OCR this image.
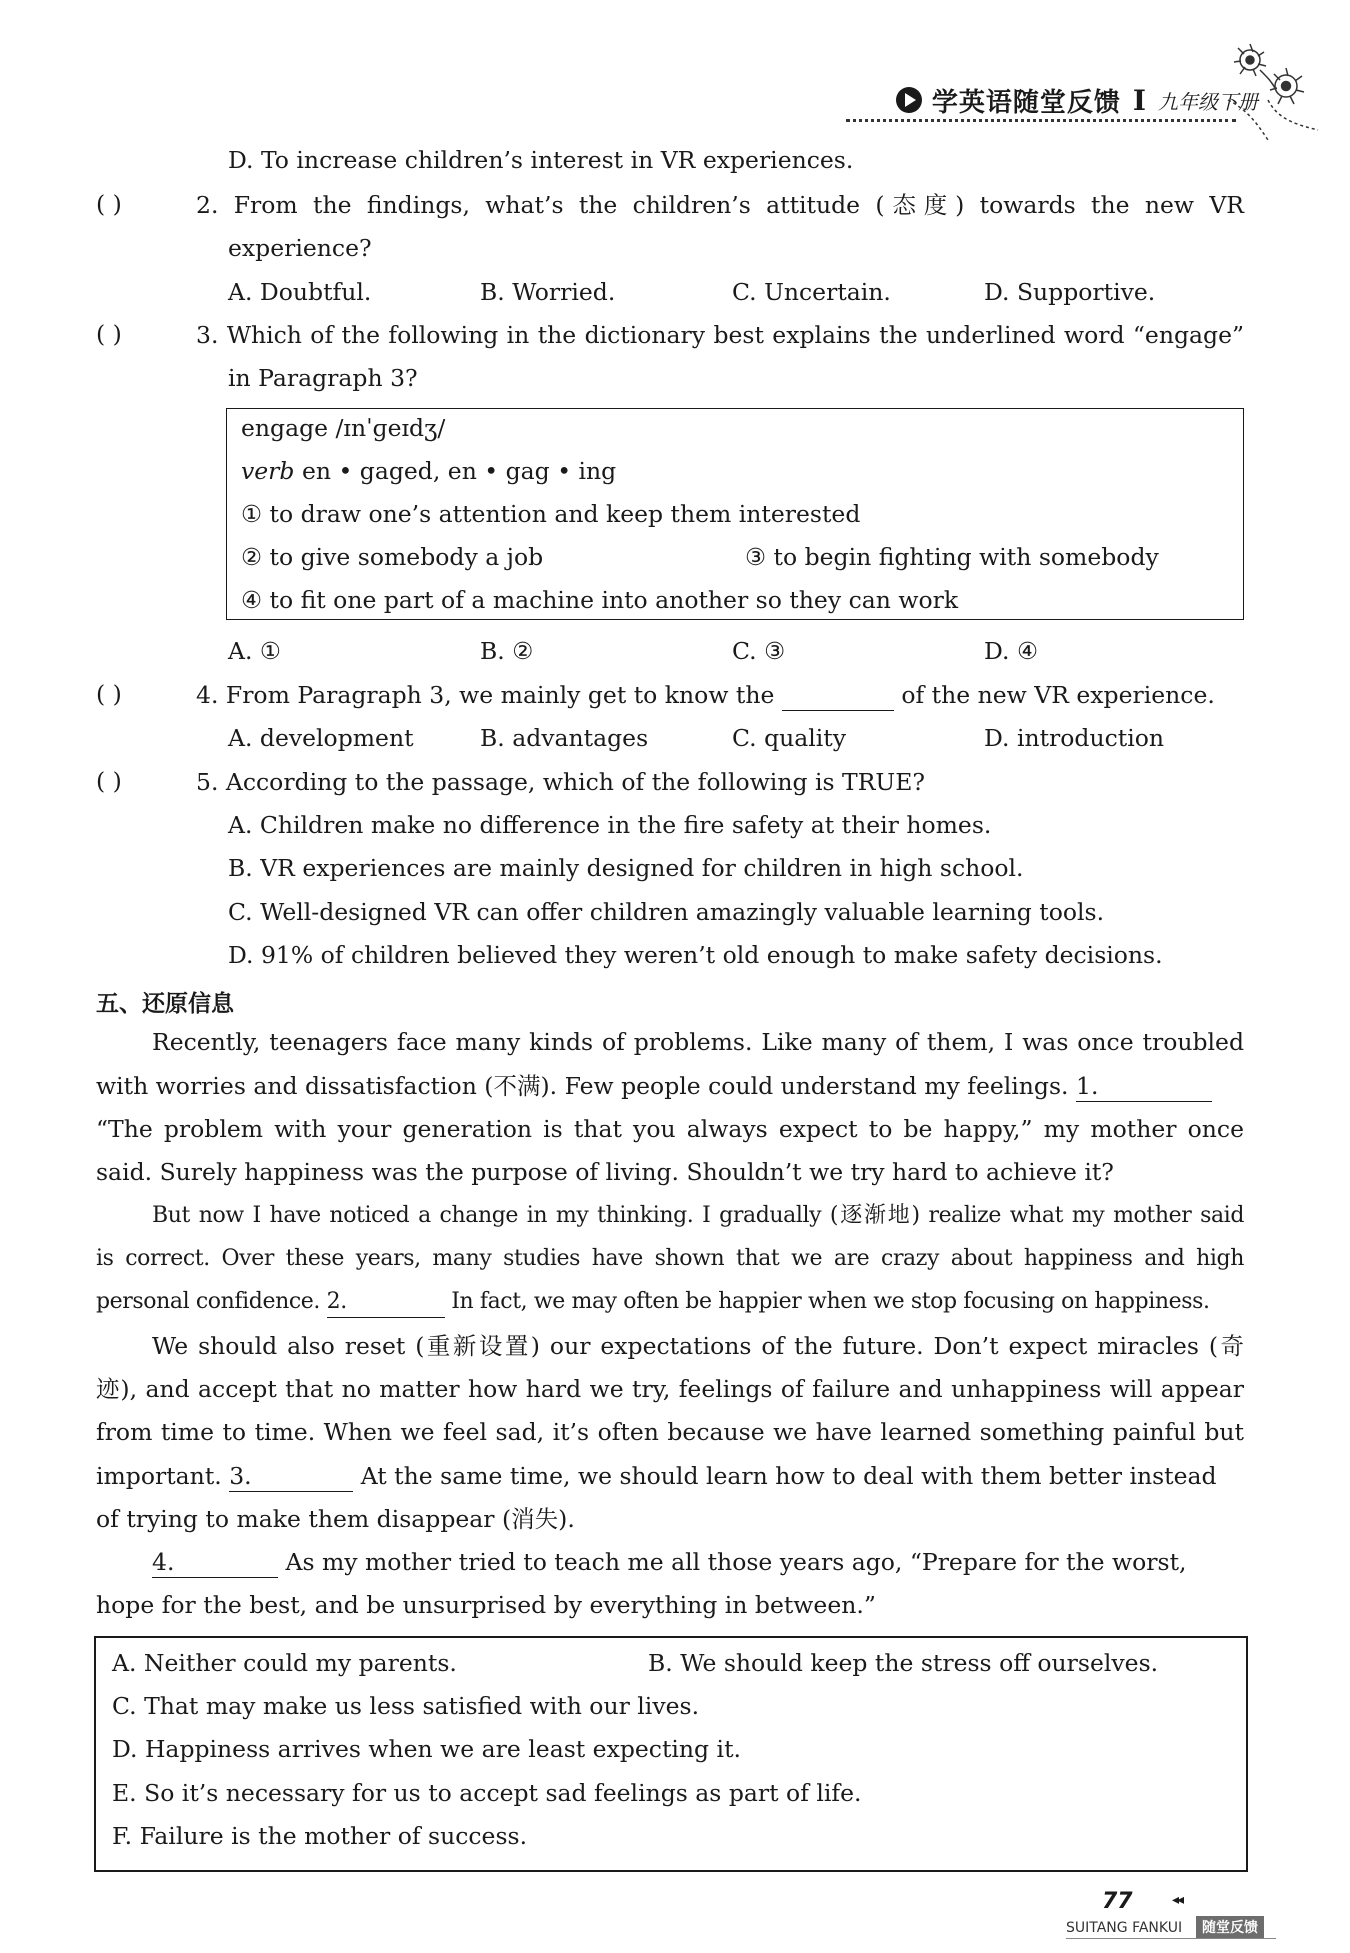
学英语随堂反馈 I 九年级下册
D. To increase children’s interest in VR experiences.
( )	2. From the findings, what’s the children’s attitude (态度) towards the new VR
experience?
A. Doubtful.	B. Worried.	C. Uncertain.	D. Supportive.
( )	3. Which of the following in the dictionary best explains the underlined word “engage”
in Paragraph 3?
engage /ɪnˈɡeɪdʒ/
verb en • gaged, en • gag • ing
① to draw one’s attention and keep them interested
② to give somebody a job	③ to begin fighting with somebody
④ to fit one part of a machine into another so they can work
A. ①	B. ②	C. ③	D. ④
( )	4. From Paragraph 3, we mainly get to know the	of the new VR experience.
A. development	B. advantages	C. quality	D. introduction
( )	5. According to the passage, which of the following is TRUE?
A. Children make no difference in the fire safety at their homes.
B. VR experiences are mainly designed for children in high school.
C. Well-designed VR can offer children amazingly valuable learning tools.
D. 91% of children believed they weren’t old enough to make safety decisions.
五、还原信息
Recently, teenagers face many kinds of problems. Like many of them, I was once troubled
with worries and dissatisfaction (不满). Few people could understand my feelings. 1.
“The problem with your generation is that you always expect to be happy,” my mother once
said. Surely happiness was the purpose of living. Shouldn’t we try hard to achieve it?
But now I have noticed a change in my thinking. I gradually (逐渐地) realize what my mother said
is correct. Over these years, many studies have shown that we are crazy about happiness and high
personal confidence. 2.	In fact, we may often be happier when we stop focusing on happiness.
We should also reset (重新设置) our expectations of the future. Don’t expect miracles (奇
迹), and accept that no matter how hard we try, feelings of failure and unhappiness will appear
from time to time. When we feel sad, it’s often because we have learned something painful but
important. 3.	At the same time, we should learn how to deal with them better instead
of trying to make them disappear (消失).
4.	As my mother tried to teach me all those years ago, “Prepare for the worst,
hope for the best, and be unsurprised by everything in between.”
A. Neither could my parents.	B. We should keep the stress off ourselves.
C. That may make us less satisfied with our lives.
D. Happiness arrives when we are least expecting it.
E. So it’s necessary for us to accept sad feelings as part of life.
F. Failure is the mother of success.
77	◂◂
SUITANG FANKUI	随堂反馈
